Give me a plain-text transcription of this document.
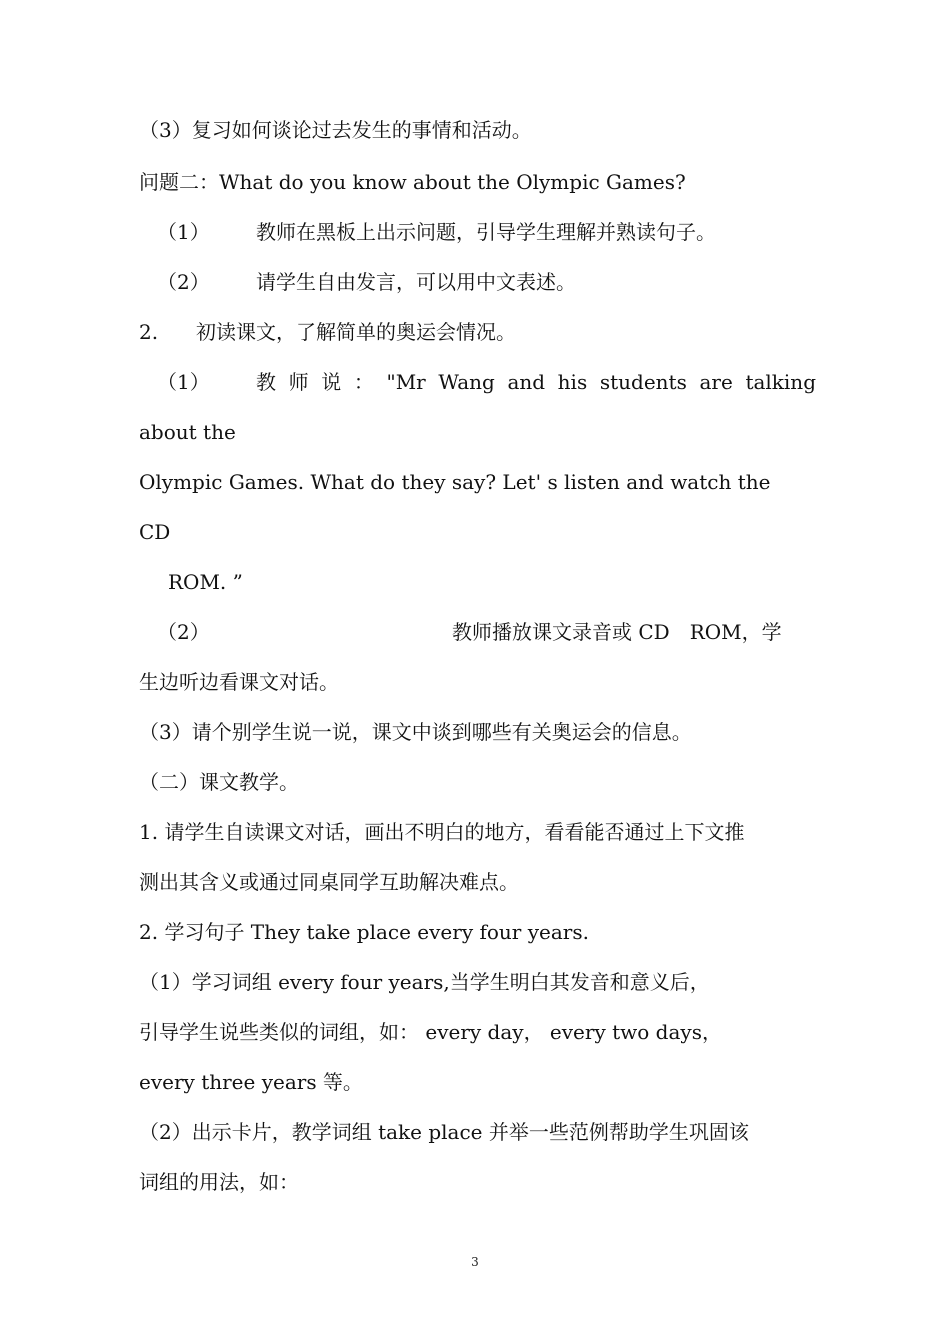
（3）复习如何谈论过去发生的事情和活动。
问题二：What do you know about the Olympic Games?
（1）	教师在黑板上出示问题，引导学生理解并熟读句子。
（2）	请学生自由发言，可以用中文表述。
2.	初读课文，了解简单的奥运会情况。
（1）	教 师 说 ： "Mr Wang and his students are talking
about the
Olympic Games. What do they say? Let' s listen and watch the
CD
ROM. ”
（2）	教师播放课文录音或 CD　ROM，学
生边听边看课文对话。
（3）请个别学生说一说，课文中谈到哪些有关奥运会的信息。
（二）课文教学。
1. 请学生自读课文对话，画出不明白的地方，看看能否通过上下文推
测出其含义或通过同桌同学互助解决难点。
2. 学习句子 They take place every four years.
（1）学习词组 every four years,当学生明白其发音和意义后，
引导学生说些类似的词组，如： every day， every two days，
every three years 等。
（2）出示卡片，教学词组 take place 并举一些范例帮助学生巩固该
词组的用法，如：
3
